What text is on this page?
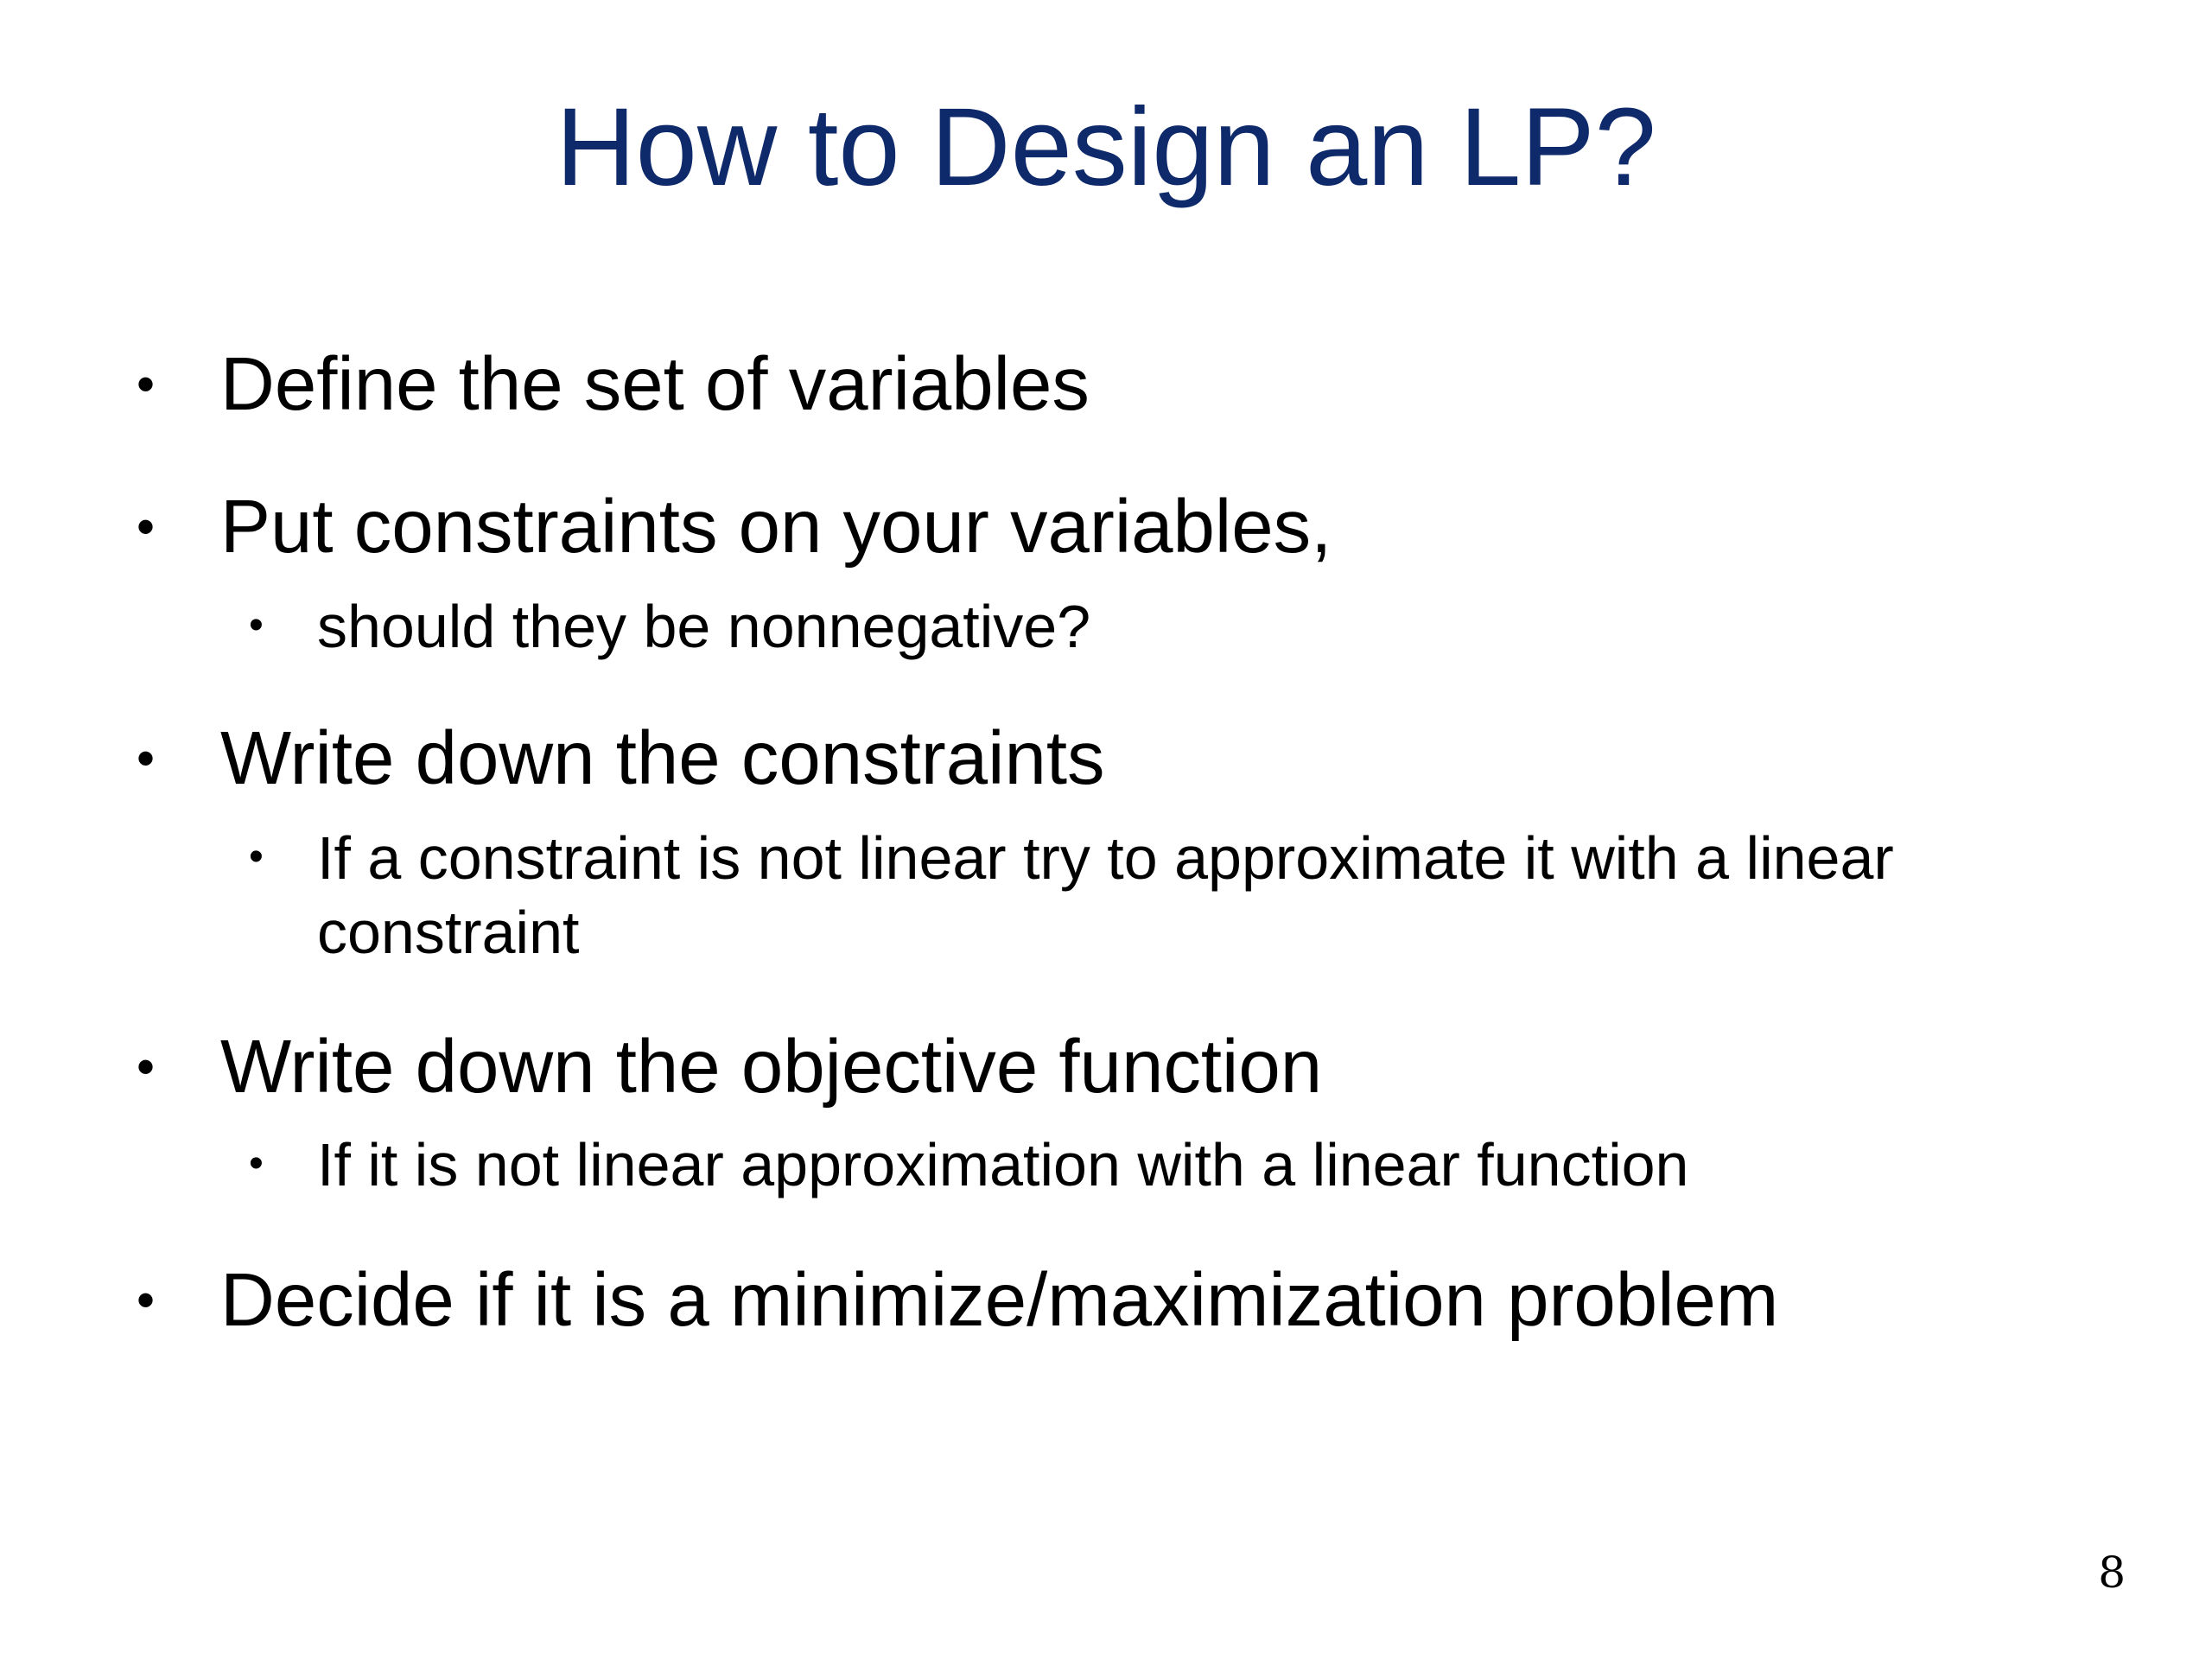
How to Design an LP?
• Define the set of variables
• Put constraints on your variables,
• should they be nonnegative?
• Write down the constraints
• If a constraint is not linear try to approximate it with a linear constraint
• Write down the objective function
• If it is not linear approximation with a linear function
• Decide if it is a minimize/maximization problem
8
